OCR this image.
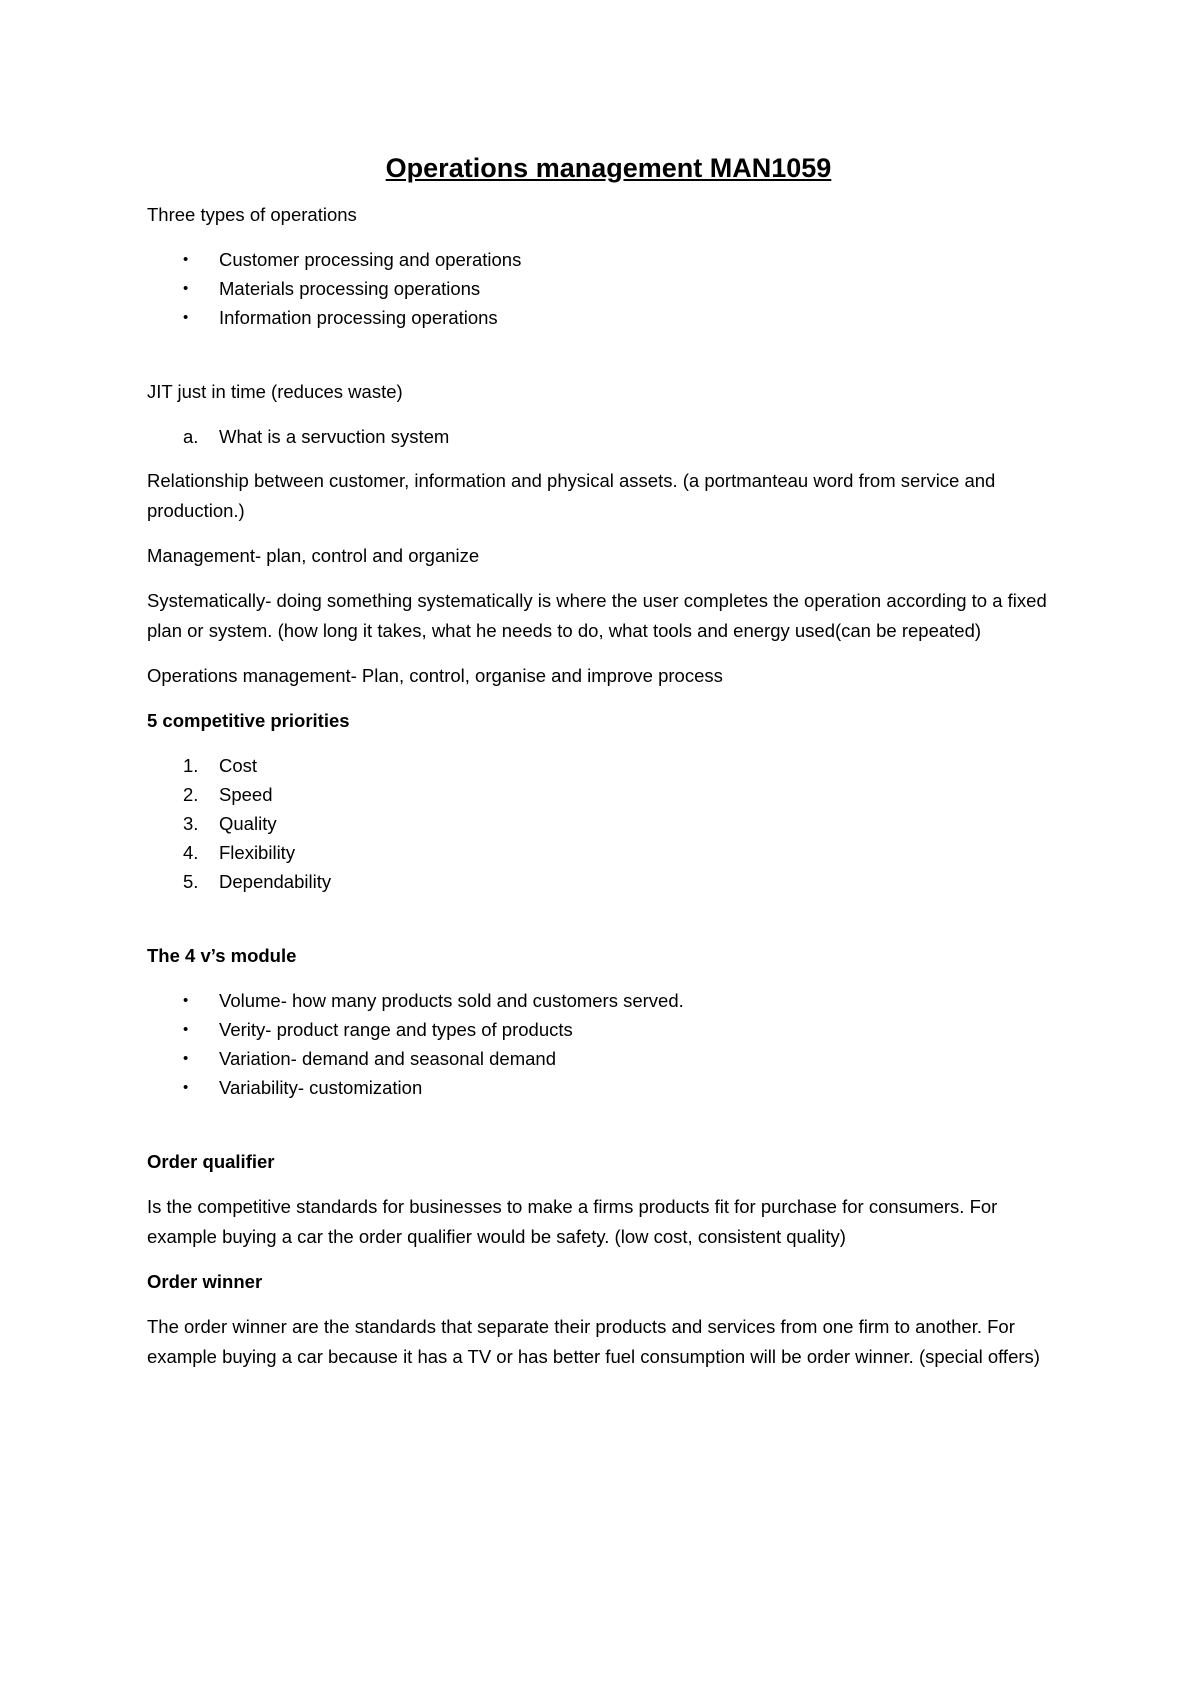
Operations management MAN1059

Three types of operations

• Customer processing and operations
• Materials processing operations
• Information processing operations

JIT just in time (reduces waste)

a. What is a servuction system

Relationship between customer, information and physical assets. (a portmanteau word from service and production.)

Management- plan, control and organize

Systematically- doing something systematically is where the user completes the operation according to a fixed plan or system. (how long it takes, what he needs to do, what tools and energy used(can be repeated)

Operations management- Plan, control, organise and improve process

5 competitive priorities

1. Cost
2. Speed
3. Quality
4. Flexibility
5. Dependability

The 4 v’s module

• Volume- how many products sold and customers served.
• Verity- product range and types of products
• Variation- demand and seasonal demand
• Variability- customization

Order qualifier

Is the competitive standards for businesses to make a firms products fit for purchase for consumers. For example buying a car the order qualifier would be safety. (low cost, consistent quality)

Order winner

The order winner are the standards that separate their products and services from one firm to another. For example buying a car because it has a TV or has better fuel consumption will be order winner. (special offers)
